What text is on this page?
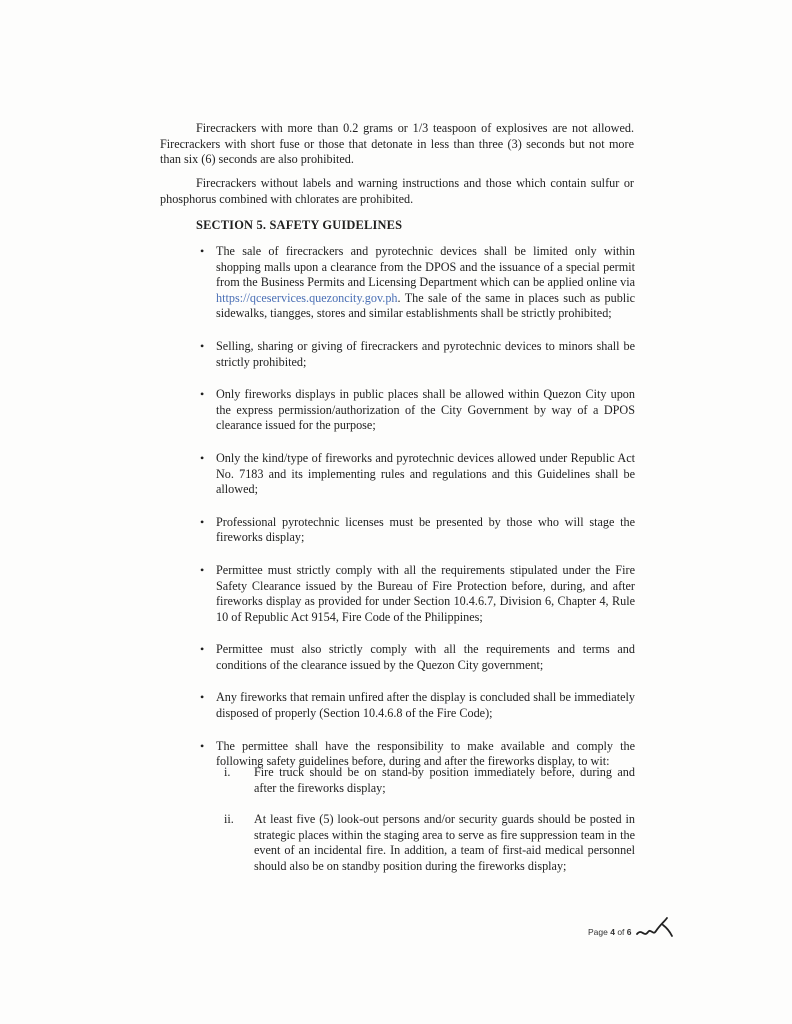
Firecrackers with more than 0.2 grams or 1/3 teaspoon of explosives are not allowed. Firecrackers with short fuse or those that detonate in less than three (3) seconds but not more than six (6) seconds are also prohibited.

Firecrackers without labels and warning instructions and those which contain sulfur or phosphorus combined with chlorates are prohibited.

SECTION 5. SAFETY GUIDELINES

• The sale of firecrackers and pyrotechnic devices shall be limited only within shopping malls upon a clearance from the DPOS and the issuance of a special permit from the Business Permits and Licensing Department which can be applied online via https://qceservices.quezoncity.gov.ph. The sale of the same in places such as public sidewalks, tiangges, stores and similar establishments shall be strictly prohibited;
• Selling, sharing or giving of firecrackers and pyrotechnic devices to minors shall be strictly prohibited;
• Only fireworks displays in public places shall be allowed within Quezon City upon the express permission/authorization of the City Government by way of a DPOS clearance issued for the purpose;
• Only the kind/type of fireworks and pyrotechnic devices allowed under Republic Act No. 7183 and its implementing rules and regulations and this Guidelines shall be allowed;
• Professional pyrotechnic licenses must be presented by those who will stage the fireworks display;
• Permittee must strictly comply with all the requirements stipulated under the Fire Safety Clearance issued by the Bureau of Fire Protection before, during, and after fireworks display as provided for under Section 10.4.6.7, Division 6, Chapter 4, Rule 10 of Republic Act 9154, Fire Code of the Philippines;
• Permittee must also strictly comply with all the requirements and terms and conditions of the clearance issued by the Quezon City government;
• Any fireworks that remain unfired after the display is concluded shall be immediately disposed of properly (Section 10.4.6.8 of the Fire Code);
• The permittee shall have the responsibility to make available and comply the following safety guidelines before, during and after the fireworks display, to wit:
i. Fire truck should be on stand-by position immediately before, during and after the fireworks display;
ii. At least five (5) look-out persons and/or security guards should be posted in strategic places within the staging area to serve as fire suppression team in the event of an incidental fire. In addition, a team of first-aid medical personnel should also be on standby position during the fireworks display;
Page 4 of 6
